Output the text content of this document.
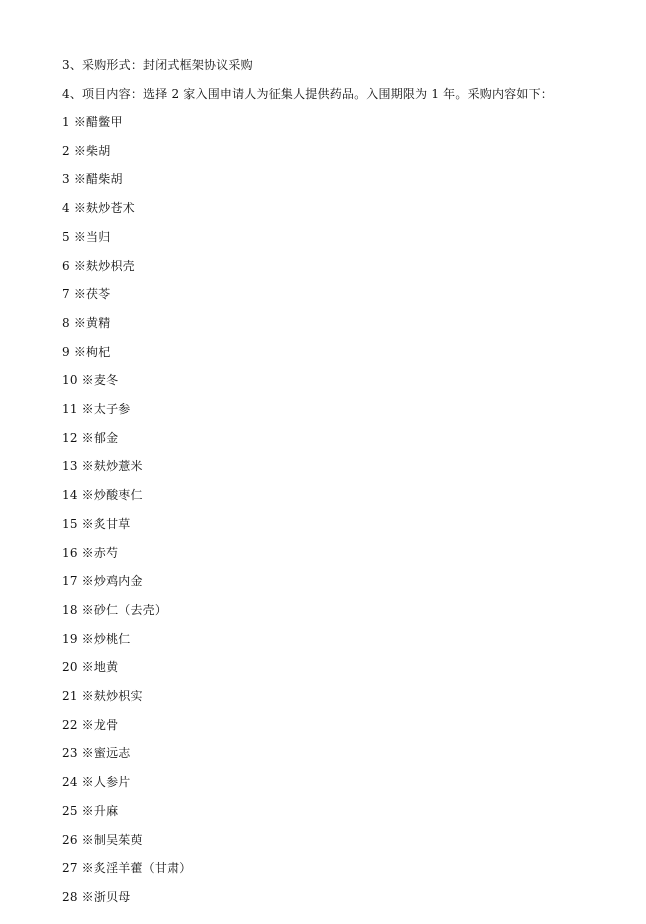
3、采购形式：封闭式框架协议采购
4、项目内容：选择 2 家入围申请人为征集人提供药品。入围期限为 1 年。采购内容如下：
1 ※醋鳖甲
2 ※柴胡
3 ※醋柴胡
4 ※麸炒苍术
5 ※当归
6 ※麸炒枳壳
7 ※茯苓
8 ※黄精
9 ※枸杞
10 ※麦冬
11 ※太子参
12 ※郁金
13 ※麸炒薏米
14 ※炒酸枣仁
15 ※炙甘草
16 ※赤芍
17 ※炒鸡内金
18 ※砂仁（去壳）
19 ※炒桃仁
20 ※地黄
21 ※麸炒枳实
22 ※龙骨
23 ※蜜远志
24 ※人参片
25 ※升麻
26 ※制吴茱萸
27 ※炙淫羊藿（甘肃）
28 ※浙贝母
